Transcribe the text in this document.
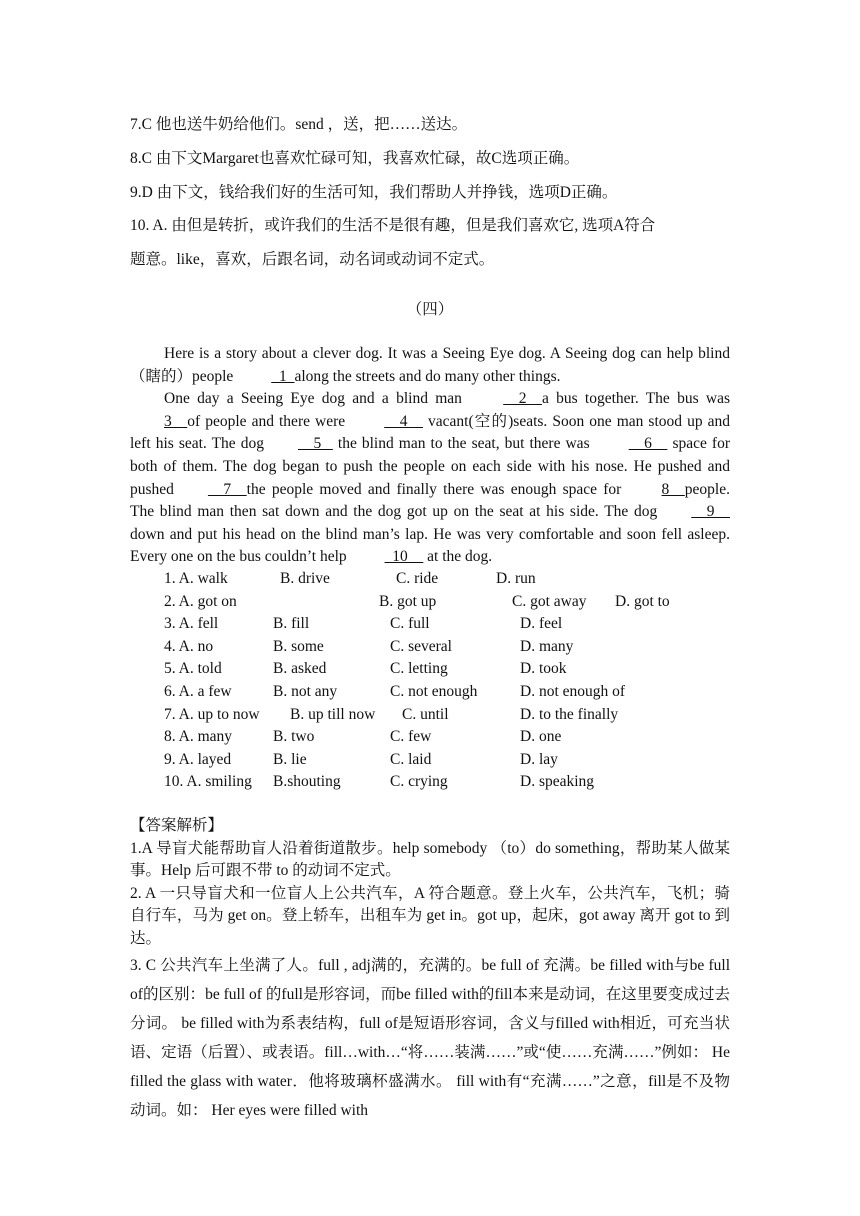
7.C 他也送牛奶给他们。send ，送，把……送达。
8.C 由下文Margaret也喜欢忙碌可知，我喜欢忙碌，故C选项正确。
9.D 由下文，钱给我们好的生活可知，我们帮助人并挣钱，选项D正确。
10. A. 由但是转折，或许我们的生活不是很有趣，但是我们喜欢它, 选项A符合
题意。like，喜欢，后跟名词，动名词或动词不定式。
（四）

Here is a story about a clever dog. It was a Seeing Eye dog. A Seeing dog can help blind（瞎的）people   1  along the streets and do many other things.

One day a Seeing Eye dog and a blind man     2    a bus together. The bus was 3    of people and there were     4     vacant(空的)seats. Soon one man stood up and left his seat. The dog    5    the blind man to the seat, but there was     6     space for both of them. The dog began to push the people on each side with his nose. He pushed and pushed    7    the people moved and finally there was enough space for 8    people. The blind man then sat down and the dog got up on the seat at his side. The dog    9     down and put his head on the blind man’s lap. He was very comfortable and soon fell asleep. Every one on the bus couldn’t help   10     at the dog.

1. A. walk	B. drive	C. ride	D. run
2. A. got on	B. got up	C. got away D. got to
3. A. fell	B. fill	C. full	D. feel
4. A. no	B. some	C. several	D. many
5. A. told	B. asked	C. letting	D. took
6. A. a few	B. not any	C. not enough	D. not enough of
7. A. up to now B. up till now C. until	D. to the finally
8. A. many	B. two	C. few	D. one
9. A. layed	B. lie	C. laid	D. lay
10. A. smiling B.shouting	C. crying	D. speaking

【答案解析】

1.A 导盲犬能帮助盲人沿着街道散步。help somebody （to）do something，帮助某人做某事。Help 后可跟不带 to 的动词不定式。

2. A 一只导盲犬和一位盲人上公共汽车，A 符合题意。登上火车，公共汽车，飞机；骑自行车，马为 get on。登上轿车，出租车为 get in。got up，起床，got away 离开 got to 到达。

3. C 公共汽车上坐满了人。full , adj满的，充满的。be full of 充满。be filled with与be full of的区别：be full of 的full是形容词，而be filled with的fill本来是动词，在这里要变成过去分词。 be filled with为系表结构，full of是短语形容词，含义与filled with相近，可充当状语、定语（后置）、或表语。fill…with…“将……装满……”或“使……充满……”例如： He filled the glass with water．他将玻璃杯盛满水。 fill with有“充满……”之意，fill是不及物动词。如： Her eyes were filled with
